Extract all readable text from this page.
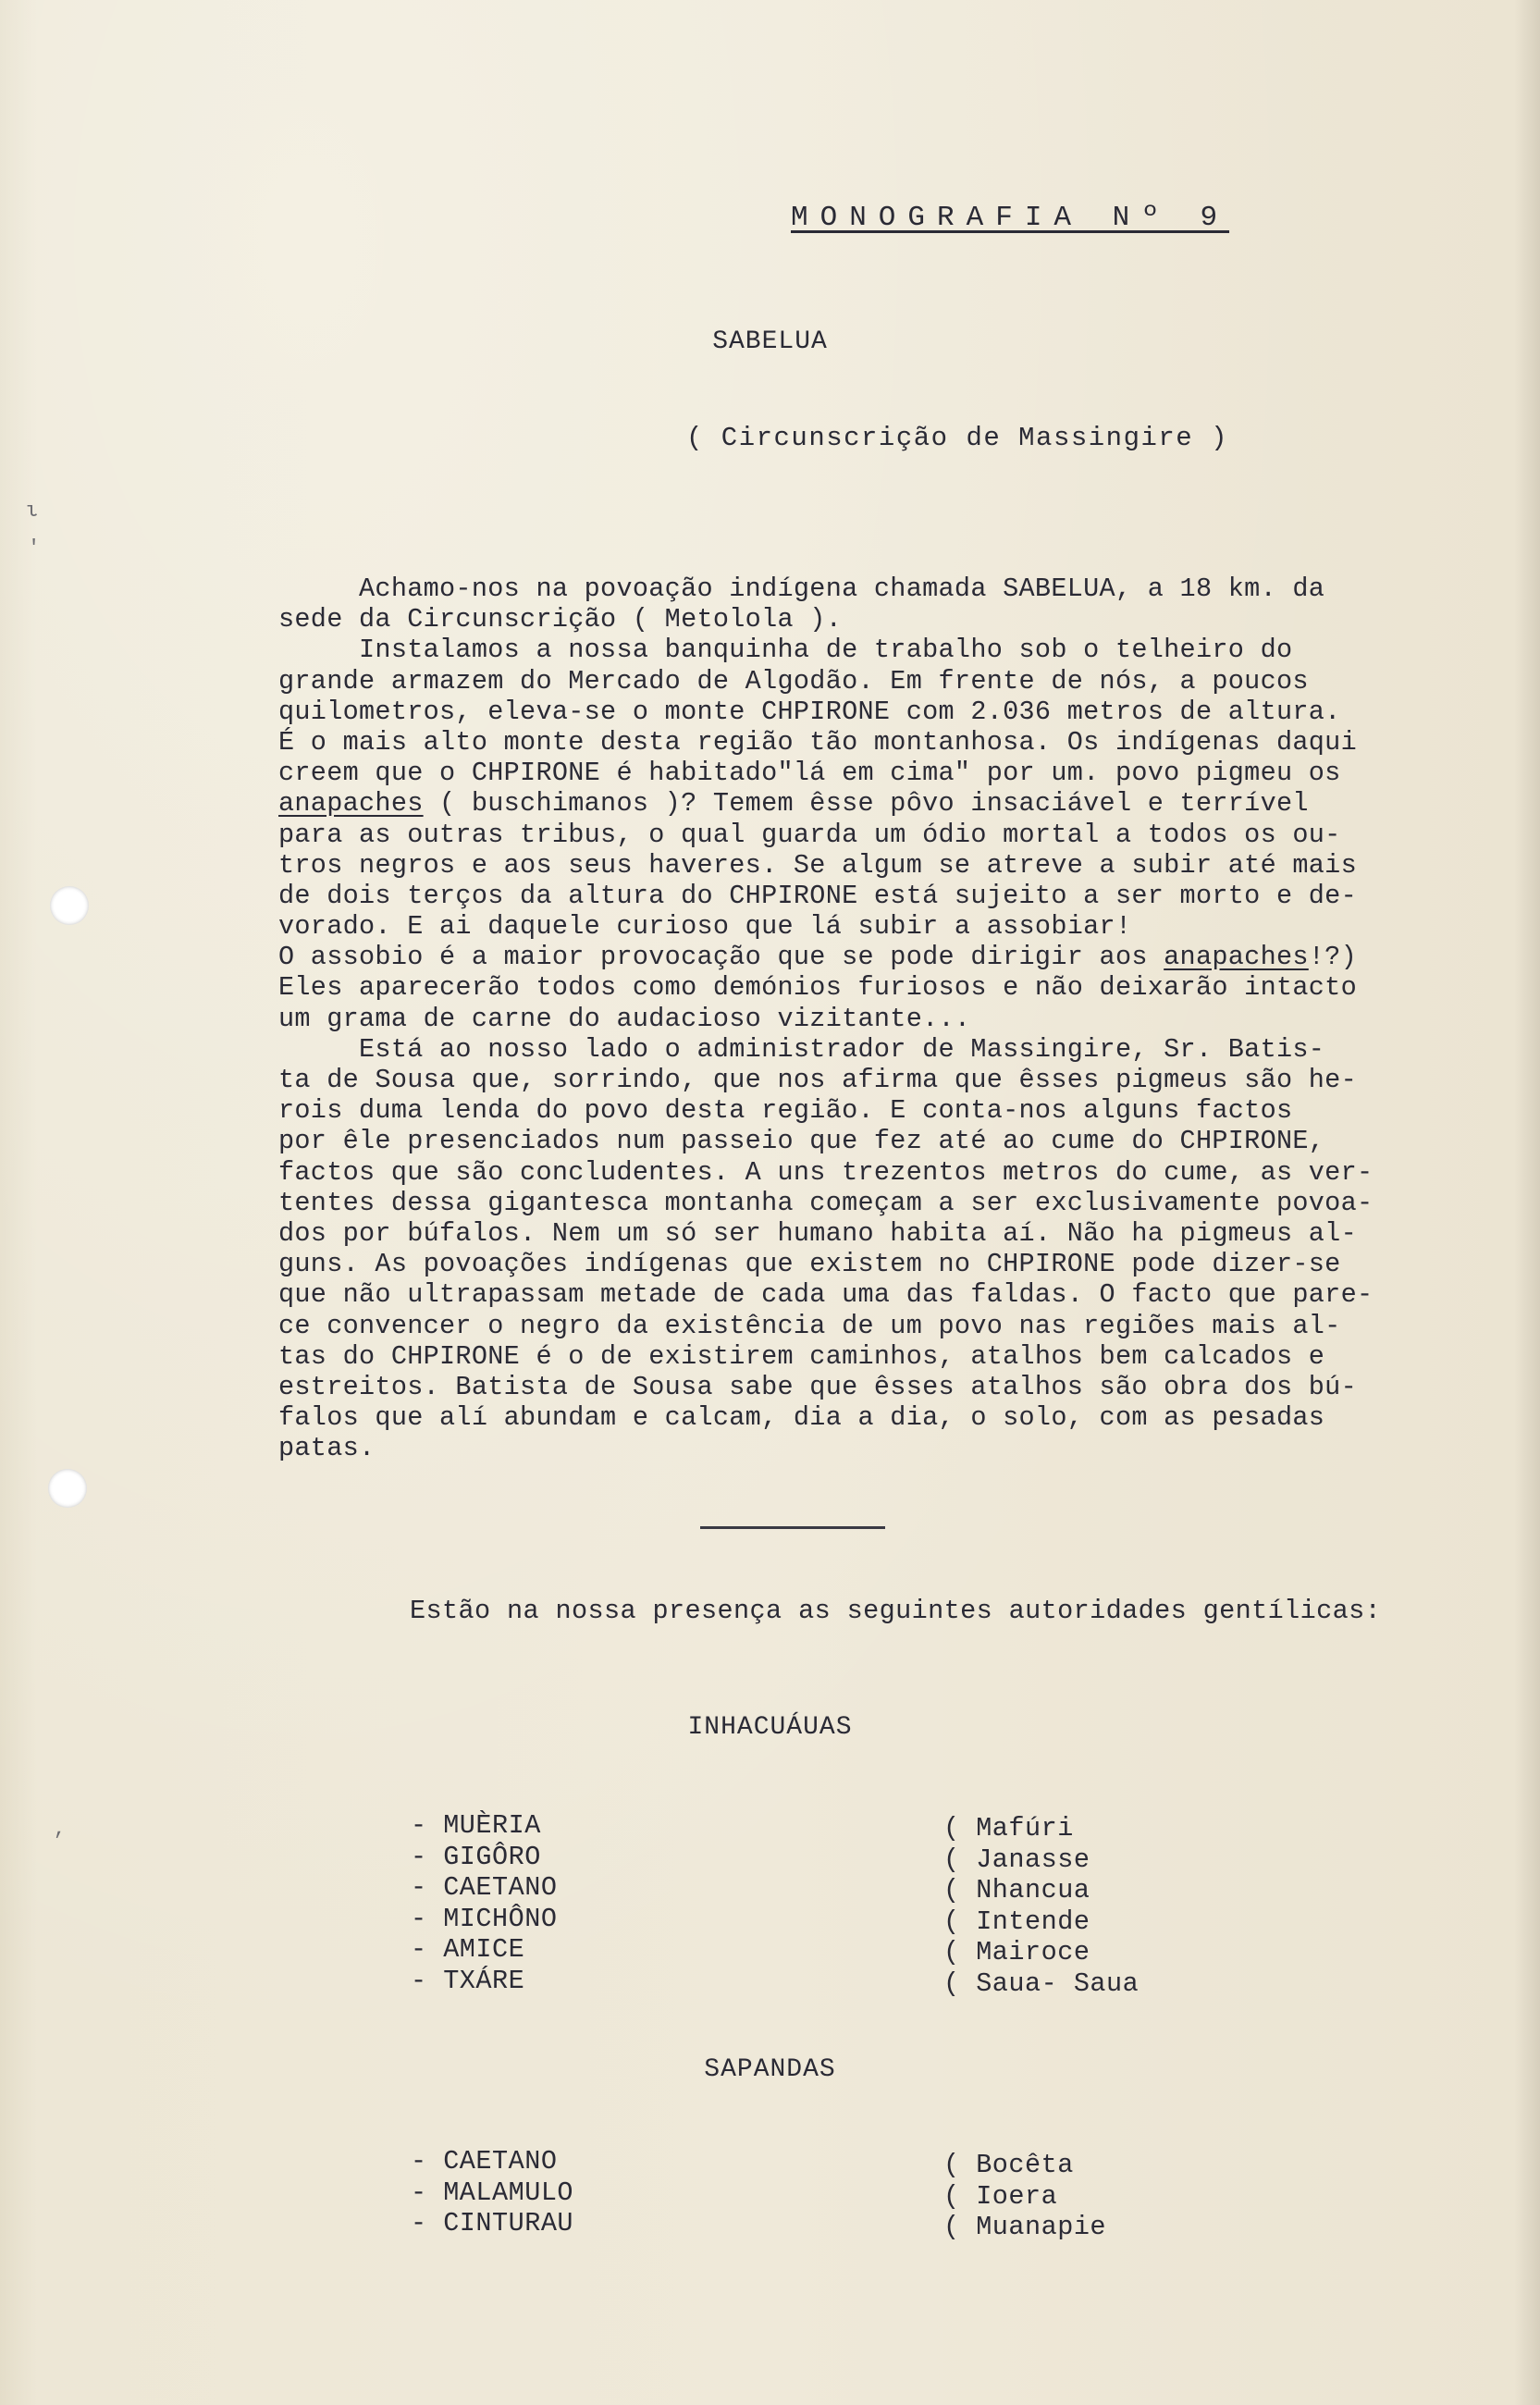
ι
'
,
MONOGRAFIA Nº 9
SABELUA
( Circunscrição de Massingire )
Achamo-nos na povoação indígena chamada SABELUA, a 18 km. da
sede da Circunscrição ( Metolola ).
Instalamos a nossa banquinha de trabalho sob o telheiro do
grande armazem do Mercado de Algodão. Em frente de nós, a poucos
quilometros, eleva-se o monte CHPIRONE com 2.036 metros de altura.
É o mais alto monte desta região tão montanhosa. Os indígenas daqui
creem que o CHPIRONE é habitado"lá em cima" por um. povo pigmeu os
anapaches ( buschimanos )? Temem êsse pôvo insaciável e terrível
para as outras tribus, o qual guarda um ódio mortal a todos os ou-
tros negros e aos seus haveres. Se algum se atreve a subir até mais
de dois terços da altura do CHPIRONE está sujeito a ser morto e de-
vorado. E ai daquele curioso que lá subir a assobiar!
O assobio é a maior provocação que se pode dirigir aos anapaches!?)
Eles aparecerão todos como demónios furiosos e não deixarão intacto
um grama de carne do audacioso vizitante...
Está ao nosso lado o administrador de Massingire, Sr. Batis-
ta de Sousa que, sorrindo, que nos afirma que êsses pigmeus são he-
rois duma lenda do povo desta região. E conta-nos alguns factos
por êle presenciados num passeio que fez até ao cume do CHPIRONE,
factos que são concludentes. A uns trezentos metros do cume, as ver-
tentes dessa gigantesca montanha começam a ser exclusivamente povoa-
dos por búfalos. Nem um só ser humano habita aí. Não ha pigmeus al-
guns. As povoações indígenas que existem no CHPIRONE pode dizer-se
que não ultrapassam metade de cada uma das faldas. O facto que pare-
ce convencer o negro da existência de um povo nas regiões mais al-
tas do CHPIRONE é o de existirem caminhos, atalhos bem calcados e
estreitos. Batista de Sousa sabe que êsses atalhos são obra dos bú-
falos que alí abundam e calcam, dia a dia, o solo, com as pesadas
patas.
Estão na nossa presença as seguintes autoridades gentílicas:
INHACUÁUAS
- MUÈRIA
- GIGÔRO
- CAETANO
- MICHÔNO
- AMICE
- TXÁRE
( Mafúri
( Janasse
( Nhancua
( Intende
( Mairoce
( Saua- Saua
SAPANDAS
- CAETANO
- MALAMULO
- CINTURAU
( Bocêta
( Ioera
( Muanapie
